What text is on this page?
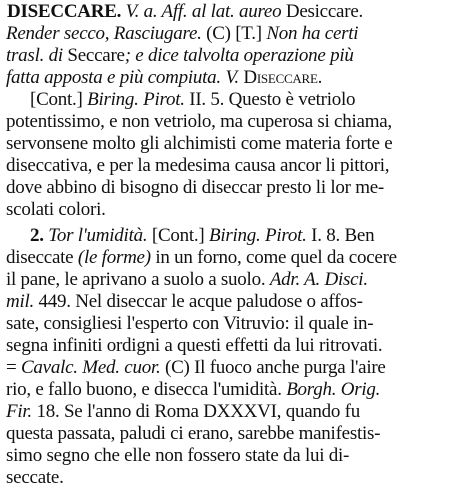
DISECCARE. V. a. Aff. al lat. aureo Desiccare.
Render secco, Rasciugare. (C) [T.] Non ha certi
trasl. di Seccare; e dice talvolta operazione più
fatta apposta e più compiuta. V. Diseccare.
[Cont.] Biring. Pirot. II. 5. Questo è vetriolo
potentissimo, e non vetriolo, ma cuperosa si chiama,
servonsene molto gli alchimisti come materia forte e
diseccativa, e per la medesima causa ancor li pittori,
dove abbino di bisogno di diseccar presto li lor me-
scolati colori.
2. Tor l'umidità. [Cont.] Biring. Pirot. I. 8. Ben
diseccate (le forme) in un forno, come quel da cocere
il pane, le aprivano a suolo a suolo. Adr. A. Disci.
mil. 449. Nel diseccar le acque paludose o affos-
sate, consigliesi l'esperto con Vitruvio: il quale in-
segna infiniti ordigni a questi effetti da lui ritrovati.
= Cavalc. Med. cuor. (C) Il fuoco anche purga l'aire
rio, e fallo buono, e disecca l'umidità. Borgh. Orig.
Fir. 18. Se l'anno di Roma DXXXVI, quando fu
questa passata, paludi ci erano, sarebbe manifestis-
simo segno che elle non fossero state da lui di-
seccate.
